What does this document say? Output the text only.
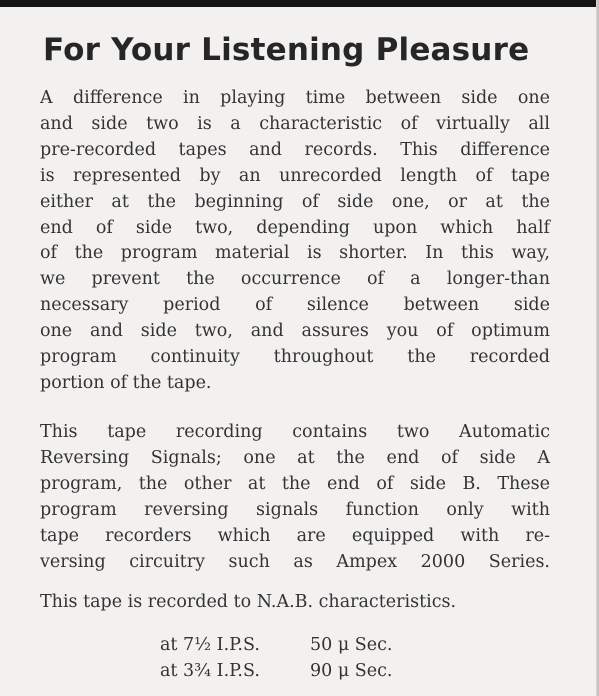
For Your Listening Pleasure
A difference in playing time between side one
and side two is a characteristic of virtually all
pre-recorded tapes and records. This difference
is represented by an unrecorded length of tape
either at the beginning of side one, or at the
end of side two, depending upon which half
of the program material is shorter. In this way,
we prevent the occurrence of a longer-than
necessary period of silence between side
one and side two, and assures you of optimum
program continuity throughout the recorded
portion of the tape.
This tape recording contains two Automatic
Reversing Signals; one at the end of side A
program, the other at the end of side B. These
program reversing signals function only with
tape recorders which are equipped with re-
versing circuitry such as Ampex 2000 Series.
This tape is recorded to N.A.B. characteristics.
at 7½ I.P.S.	50 μ Sec.
at 3¾ I.P.S.	90 μ Sec.
